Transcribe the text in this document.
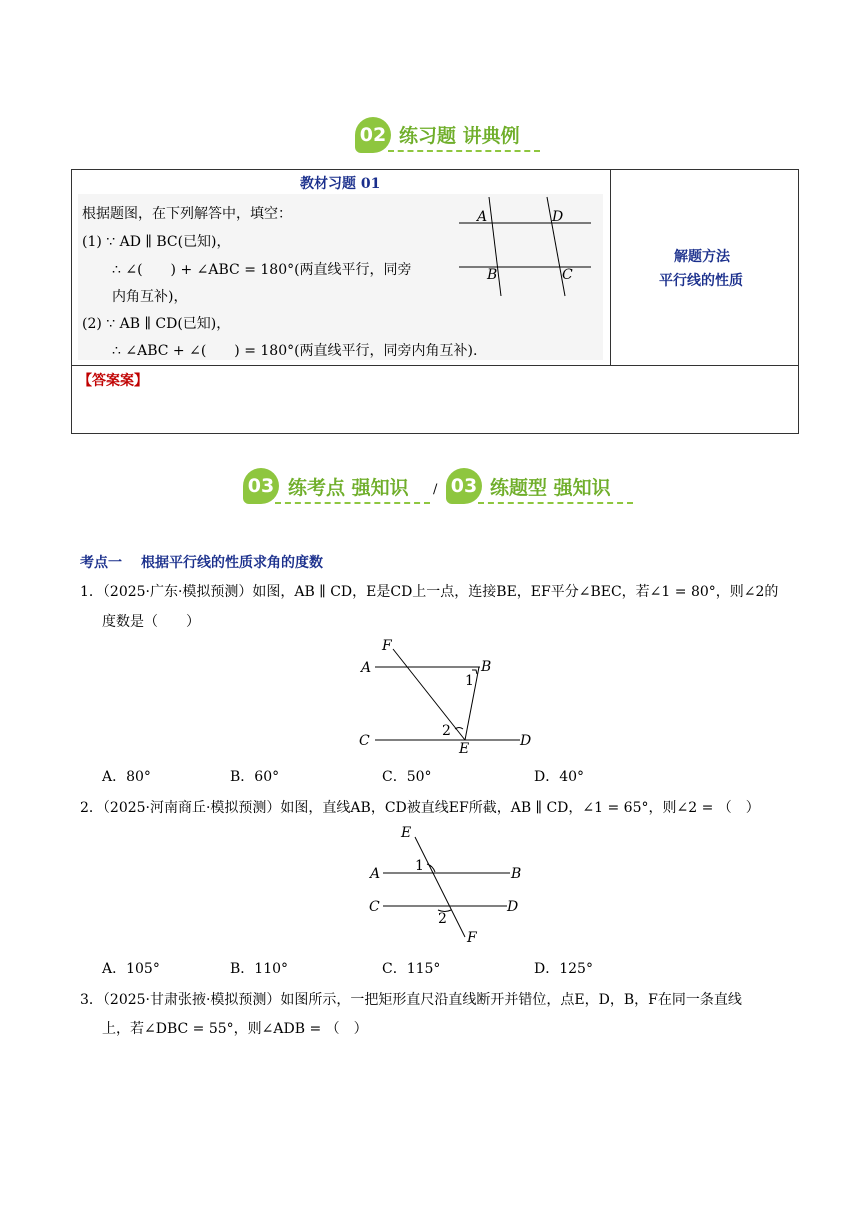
02 练习题 讲典例
教材习题 01
根据题图，在下列解答中，填空：
(1) ∵ AD ∥ BC(已知)，
∴ ∠(　　) + ∠ABC = 180°(两直线平行，同旁
内角互补)，
(2) ∵ AB ∥ CD(已知)，
∴ ∠ABC + ∠(　　) = 180°(两直线平行，同旁内角互补).
A	D
B	C
解题方法
平行线的性质
【答案案】
03 练考点 强知识 / 03 练题型 强知识
考点一 根据平行线的性质求角的度数
1．（2025·广东·模拟预测）如图，AB ∥ CD，E是CD上一点，连接BE，EF平分∠BEC，若∠1 = 80°，则∠2的
度数是（　　）
F
A	B
1
2
C	E	D
A．80°	B．60°	C．50°	D．40°
2．（2025·河南商丘·模拟预测）如图，直线AB，CD被直线EF所截，AB ∥ CD，∠1 = 65°，则∠2 = （　）
E
1
A	B
C	D
2
F
A．105°	B．110°	C．115°	D．125°
3．（2025·甘肃张掖·模拟预测）如图所示，一把矩形直尺沿直线断开并错位，点E，D，B，F在同一条直线
上，若∠DBC = 55°，则∠ADB = （　）
